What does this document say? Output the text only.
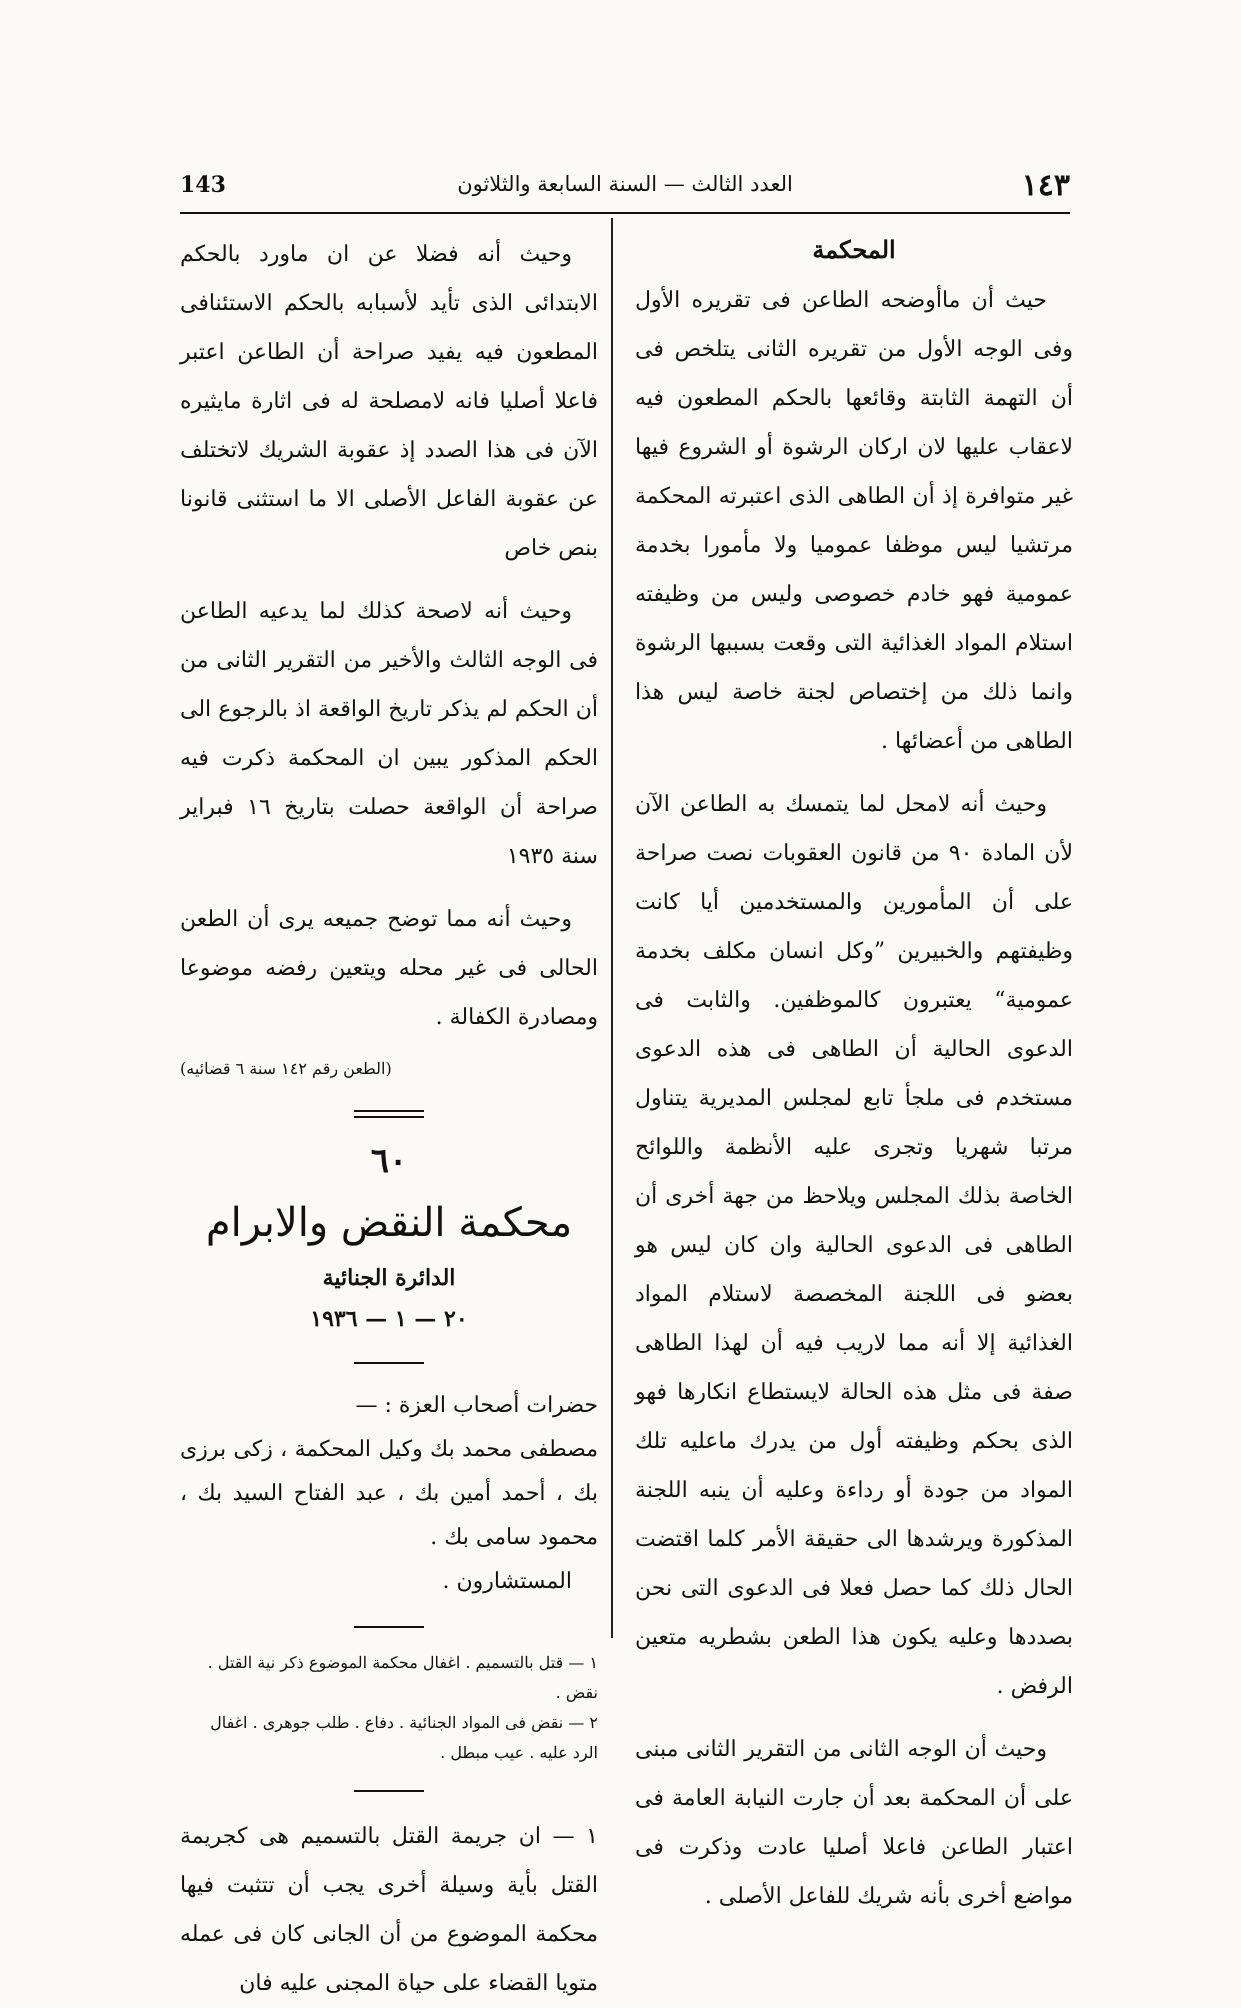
١٤٣
العدد الثالث — السنة السابعة والثلاثون
143
المحكمة

حيث أن ماأوضحه الطاعن فى تقريره الأول وفى الوجه الأول من تقريره الثانى يتلخص فى أن التهمة الثابتة وقائعها بالحكم المطعون فيه لاعقاب عليها لان اركان الرشوة أو الشروع فيها غير متوافرة إذ أن الطاهى الذى اعتبرته المحكمة مرتشيا ليس موظفا عموميا ولا مأمورا بخدمة عمومية فهو خادم خصوصى وليس من وظيفته استلام المواد الغذائية التى وقعت بسببها الرشوة وانما ذلك من إختصاص لجنة خاصة ليس هذا الطاهى من أعضائها .

وحيث أنه لامحل لما يتمسك به الطاعن الآن لأن المادة ٩٠ من قانون العقوبات نصت صراحة على أن المأمورين والمستخدمين أيا كانت وظيفتهم والخبيرين ”وكل انسان مكلف بخدمة عمومية“ يعتبرون كالموظفين. والثابت فى الدعوى الحالية أن الطاهى فى هذه الدعوى مستخدم فى ملجأ تابع لمجلس المديرية يتناول مرتبا شهريا وتجرى عليه الأنظمة واللوائح الخاصة بذلك المجلس ويلاحظ من جهة أخرى أن الطاهى فى الدعوى الحالية وان كان ليس هو بعضو فى اللجنة المخصصة لاستلام المواد الغذائية إلا أنه مما لاريب فيه أن لهذا الطاهى صفة فى مثل هذه الحالة لايستطاع انكارها فهو الذى بحكم وظيفته أول من يدرك ماعليه تلك المواد من جودة أو رداءة وعليه أن ينبه اللجنة المذكورة ويرشدها الى حقيقة الأمر كلما اقتضت الحال ذلك كما حصل فعلا فى الدعوى التى نحن بصددها وعليه يكون هذا الطعن بشطريه متعين الرفض .

وحيث أن الوجه الثانى من التقرير الثانى مبنى على أن المحكمة بعد أن جارت النيابة العامة فى اعتبار الطاعن فاعلا أصليا عادت وذكرت فى مواضع أخرى بأنه شريك للفاعل الأصلى .

وحيث أنه فضلا عن ان ماورد بالحكم الابتدائى الذى تأيد لأسبابه بالحكم الاستئنافى المطعون فيه يفيد صراحة أن الطاعن اعتبر فاعلا أصليا فانه لامصلحة له فى اثارة مايثيره الآن فى هذا الصدد إذ عقوبة الشريك لاتختلف عن عقوبة الفاعل الأصلى الا ما استثنى قانونا بنص خاص

وحيث أنه لاصحة كذلك لما يدعيه الطاعن فى الوجه الثالث والأخير من التقرير الثانى من أن الحكم لم يذكر تاريخ الواقعة اذ بالرجوع الى الحكم المذكور يبين ان المحكمة ذكرت فيه صراحة أن الواقعة حصلت بتاريخ ١٦ فبراير سنة ١٩٣٥

وحيث أنه مما توضح جميعه يرى أن الطعن الحالى فى غير محله ويتعين رفضه موضوعا ومصادرة الكفالة .

(الطعن رقم ١٤٢ سنة ٦ قضائيه)
٦٠
محكمة النقض والابرام
الدائرة الجنائية
٢٠ — ١ — ١٩٣٦

حضرات أصحاب العزة : —

مصطفى محمد بك وكيل المحكمة ، زكى برزى بك ، أحمد أمين بك ، عبد الفتاح السيد بك ، محمود سامى بك .

المستشارون .

١ — قتل بالتسميم . اغفال محكمة الموضوع ذكر نية القتل . نقض .

٢ — نقض فى المواد الجنائية . دفاع . طلب جوهرى . اغفال الرد عليه . عيب مبطل .

١ — ان جريمة القتل بالتسميم هى كجريمة القتل بأية وسيلة أخرى يجب أن تتثبت فيها محكمة الموضوع من أن الجانى كان فى عمله متويا القضاء على حياة المجنى عليه فان
